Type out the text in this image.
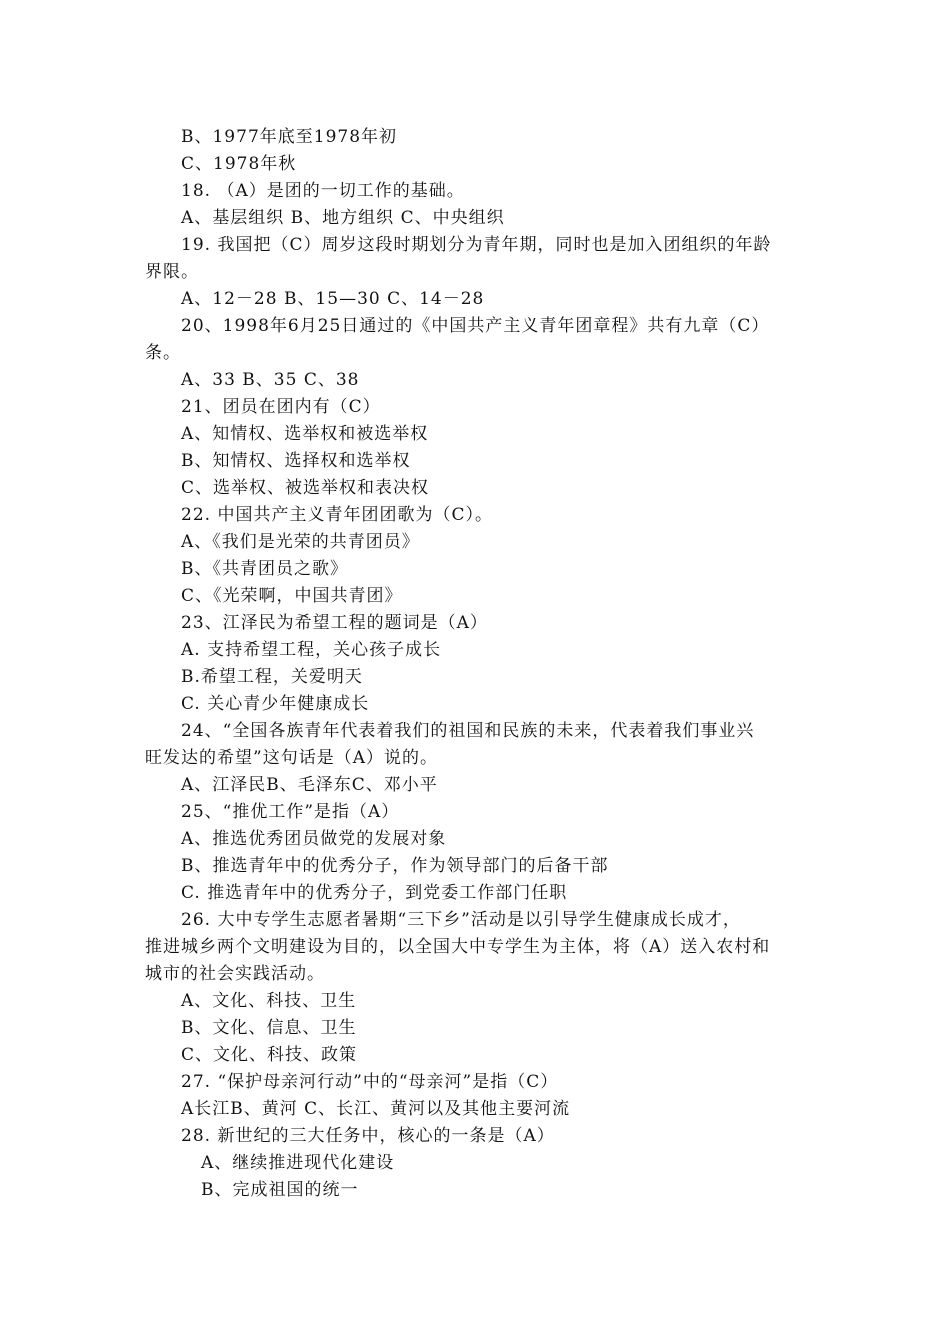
B、1977年底至1978年初
C、1978年秋
18. （A）是团的一切工作的基础。
A、基层组织 B、地方组织 C、中央组织
19. 我国把（C）周岁这段时期划分为青年期，同时也是加入团组织的年龄
界限。
A、12－28 B、15—30 C、14－28
20、1998年6月25日通过的《中国共产主义青年团章程》共有九章（C）
条。
A、33 B、35 C、38
21、团员在团内有（C）
A、知情权、选举权和被选举权
B、知情权、选择权和选举权
C、选举权、被选举权和表决权
22. 中国共产主义青年团团歌为（C）。
A、《我们是光荣的共青团员》
B、《共青团员之歌》
C、《光荣啊，中国共青团》
23、江泽民为希望工程的题词是（A）
A. 支持希望工程，关心孩子成长
B.希望工程，关爱明天
C. 关心青少年健康成长
24、“全国各族青年代表着我们的祖国和民族的未来，代表着我们事业兴
旺发达的希望”这句话是（A）说的。
A、江泽民B、毛泽东C、邓小平
25、“推优工作”是指（A）
A、推选优秀团员做党的发展对象
B、推选青年中的优秀分子，作为领导部门的后备干部
C. 推选青年中的优秀分子，到党委工作部门任职
26. 大中专学生志愿者暑期“三下乡”活动是以引导学生健康成长成才，
推进城乡两个文明建设为目的，以全国大中专学生为主体，将（A）送入农村和
城市的社会实践活动。
A、文化、科技、卫生
B、文化、信息、卫生
C、文化、科技、政策
27. “保护母亲河行动”中的“母亲河”是指（C）
A长江B、黄河 C、长江、黄河以及其他主要河流
28. 新世纪的三大任务中，核心的一条是（A）
A、继续推进现代化建设
B、完成祖国的统一
